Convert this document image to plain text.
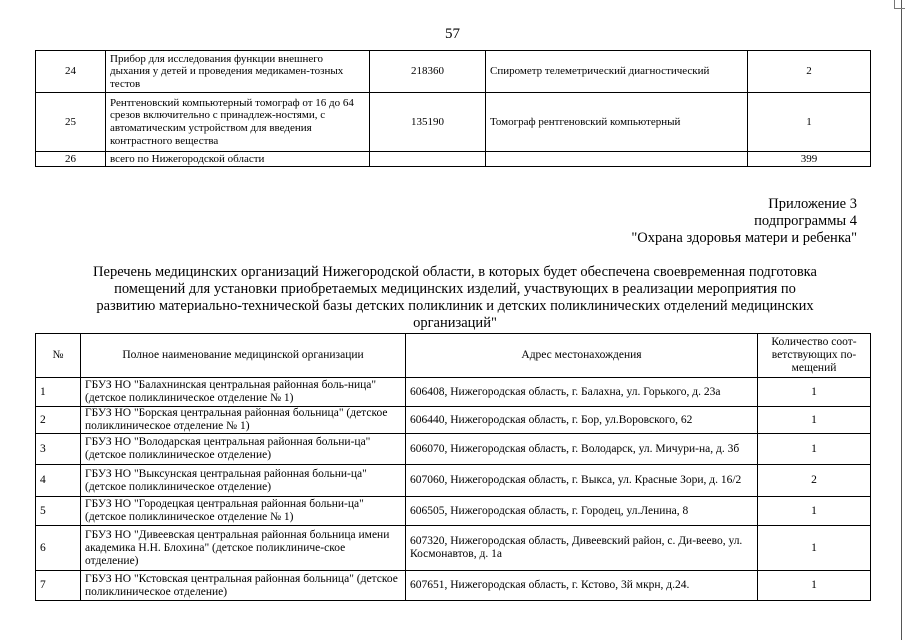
57
24	Прибор для исследования функции внешнего дыхания у детей и проведения медикамен-тозных тестов	218360	Спирометр телеметрический диагностический	2
25	Рентгеновский компьютерный томограф от 16 до 64 срезов включительно с принадлеж-ностями, с автоматическим устройством для введения контрастного вещества	135190	Томограф рентгеновский компьютерный	1
26	всего по Нижегородской области			399
Приложение 3
подпрограммы 4
"Охрана здоровья матери и ребенка"
Перечень медицинских организаций Нижегородской области, в которых будет обеспечена своевременная подготовка помещений для установки приобретаемых медицинских изделий, участвующих в реализации мероприятия по развитию материально-технической базы детских поликлиник и детских поликлинических отделений медицинских организаций"
№	Полное наименование медицинской организации	Адрес местонахождения	Количество соот-ветствующих по-мещений
1	ГБУЗ НО "Балахнинская центральная районная боль-ница" (детское поликлиническое отделение № 1)	606408, Нижегородская область, г. Балахна, ул. Горького, д. 23а	1
2	ГБУЗ НО "Борская центральная районная больница" (детское поликлиническое отделение № 1)	606440, Нижегородская область, г. Бор, ул.Воровского, 62	1
3	ГБУЗ НО "Володарская центральная районная больни-ца" (детское поликлиническое отделение)	606070, Нижегородская область, г. Володарск, ул. Мичури-на, д. 3б	1
4	ГБУЗ НО "Выксунская центральная районная больни-ца" (детское поликлиническое отделение)	607060, Нижегородская область, г. Выкса, ул. Красные Зори, д. 16/2	2
5	ГБУЗ НО "Городецкая центральная районная больни-ца" (детское поликлиническое отделение № 1)	606505, Нижегородская область, г. Городец, ул.Ленина, 8	1
6	ГБУЗ НО "Дивеевская центральная районная больница имени академика Н.Н. Блохина" (детское поликлиниче-ское отделение)	607320, Нижегородская область, Дивеевский район, с. Ди-веево, ул. Космонавтов, д. 1а	1
7	ГБУЗ НО "Кстовская центральная районная больница" (детское поликлиническое отделение)	607651, Нижегородская область, г. Кстово, 3й мкрн, д.24.	1
